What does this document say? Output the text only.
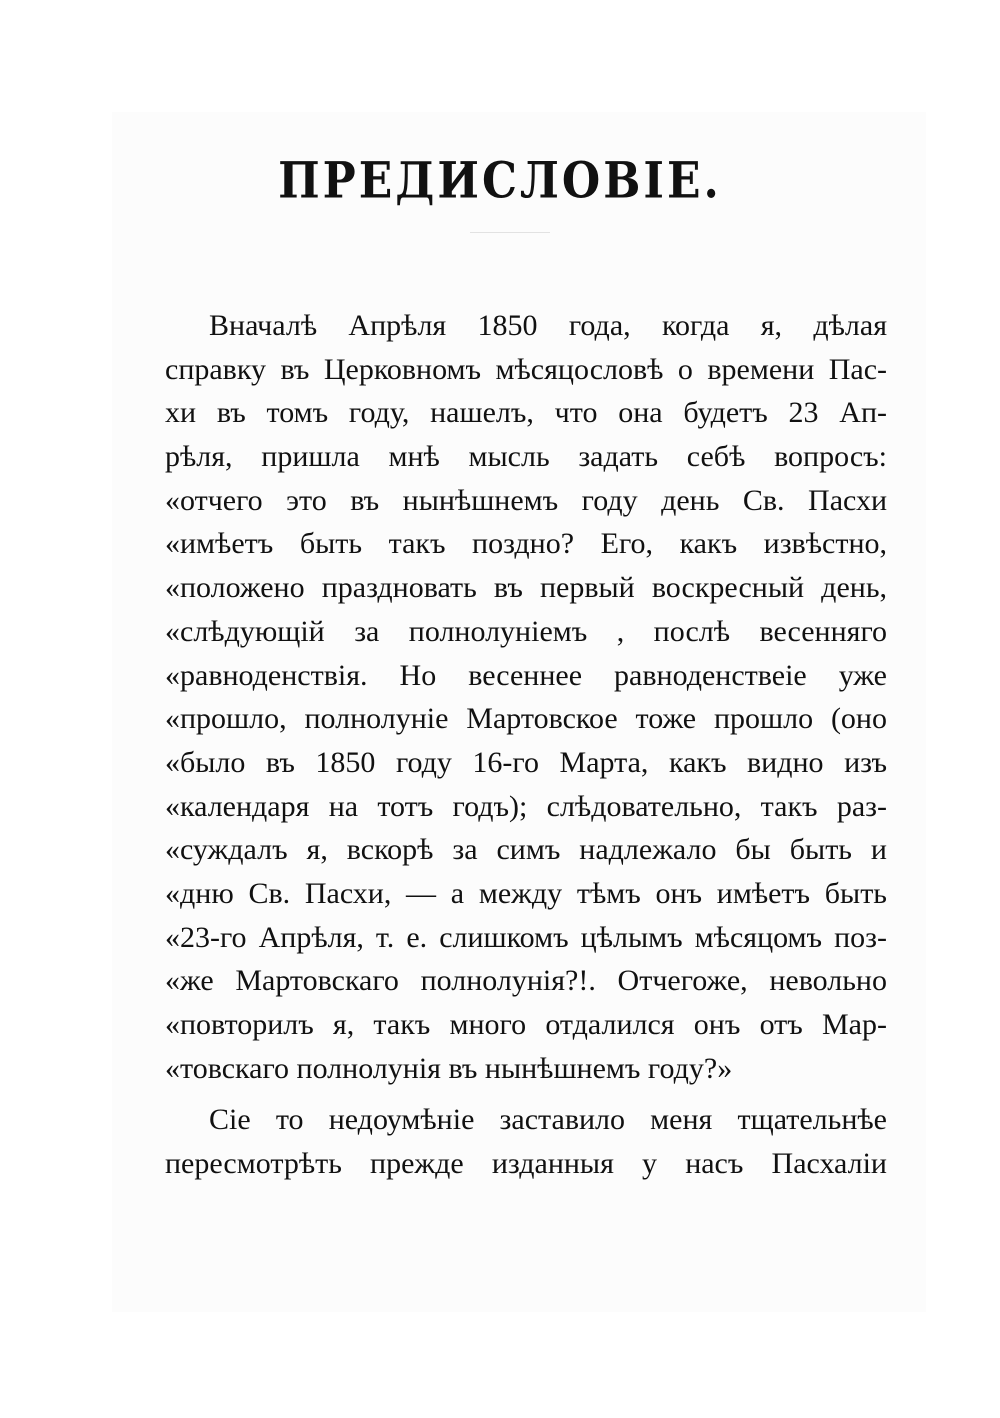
ПРЕДИСЛОВІЕ.
Вначалѣ Апрѣля 1850 года, когда я, дѣлая
справку въ Церковномъ мѣсяцословѣ о времени Пас-
хи въ томъ году, нашелъ, что она будетъ 23 Ап-
рѣля, пришла мнѣ мысль задать себѣ вопросъ:
«отчего это въ нынѣшнемъ году день Св. Пасхи
«имѣетъ быть такъ поздно? Его, какъ извѣстно,
«положено праздновать въ первый воскресный день,
«слѣдующій за полнолуніемъ , послѣ весенняго
«равноденствія. Но весеннее равноденствеіе уже
«прошло, полнолуніе Мартовское тоже прошло (оно
«было въ 1850 году 16-го Марта, какъ видно изъ
«календаря на тотъ годъ); слѣдовательно, такъ раз-
«суждалъ я, вскорѣ за симъ надлежало бы быть и
«дню Св. Пасхи, — а между тѣмъ онъ имѣетъ быть
«23-го Апрѣля, т. е. слишкомъ цѣлымъ мѣсяцомъ поз-
«же Мартовскаго полнолунія?!. Отчегоже, невольно
«повторилъ я, такъ много отдалился онъ отъ Мар-
«товскаго полнолунія въ нынѣшнемъ году?»
Сіе то недоумѣніе заставило меня тщательнѣе
пересмотрѣть прежде изданныя у насъ Пасхаліи
